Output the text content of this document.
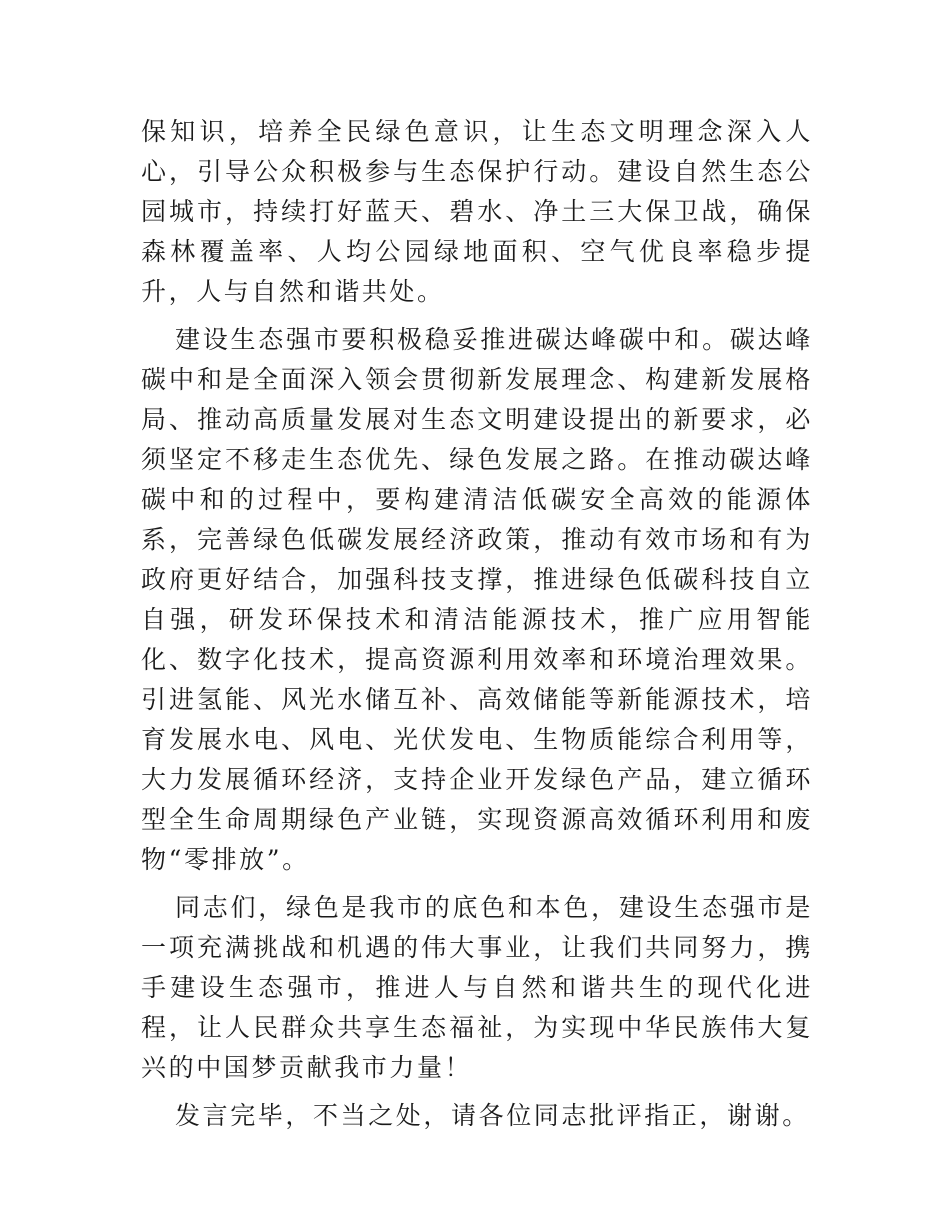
保知识，培养全民绿色意识，让生态文明理念深入人心，引导公众积极参与生态保护行动。建设自然生态公园城市，持续打好蓝天、碧水、净土三大保卫战，确保森林覆盖率、人均公园绿地面积、空气优良率稳步提升，人与自然和谐共处。

建设生态强市要积极稳妥推进碳达峰碳中和。碳达峰碳中和是全面深入领会贯彻新发展理念、构建新发展格局、推动高质量发展对生态文明建设提出的新要求，必须坚定不移走生态优先、绿色发展之路。在推动碳达峰碳中和的过程中，要构建清洁低碳安全高效的能源体系，完善绿色低碳发展经济政策，推动有效市场和有为政府更好结合，加强科技支撑，推进绿色低碳科技自立自强，研发环保技术和清洁能源技术，推广应用智能化、数字化技术，提高资源利用效率和环境治理效果。引进氢能、风光水储互补、高效储能等新能源技术，培育发展水电、风电、光伏发电、生物质能综合利用等，大力发展循环经济，支持企业开发绿色产品，建立循环型全生命周期绿色产业链，实现资源高效循环利用和废物“零排放”。

同志们，绿色是我市的底色和本色，建设生态强市是一项充满挑战和机遇的伟大事业，让我们共同努力，携手建设生态强市，推进人与自然和谐共生的现代化进程，让人民群众共享生态福祉，为实现中华民族伟大复兴的中国梦贡献我市力量！

发言完毕，不当之处，请各位同志批评指正，谢谢。
